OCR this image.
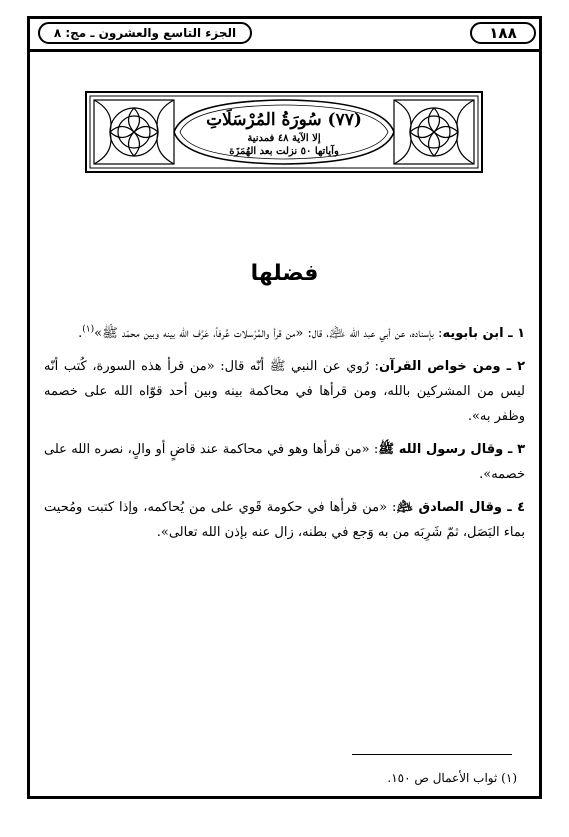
١٨٨
الجزء التاسع والعشرون ـ مج: ٨
(٧٧) سُورَةُ المُرْسَلَاتِ
إلا الآية ٤٨ فمدنية
وآياتها ٥٠ نزلت بعد الهُمَزَة
فضلها

١ ـ ابن بابويه: بإسناده، عن أبي عبد الله ﵇، قال: «من قرأ والمُرْسلات عُرفاً، عَرَّف الله بينه وبين محمّد ﷺ»$^{(١)}$.

٢ ـ ومن خواص القرآن: رُوي عن النبي ﷺ أنّه قال: «من قرأ هذه السورة، كُتب أنّه ليس من المشركين بالله، ومن قرأها في محاكمة بينه وبين أحد قوّاه الله على خصمه وظفر به».

٣ ـ وقال رسول الله ﷺ: «من قرأها وهو في محاكمة عند قاضٍ أو والٍ، نصره الله على خصمه».

٤ ـ وقال الصادق ﵇: «من قرأها في حكومة قَوي على من يُحاكمه، وإذا كتبت ومُحيت بماء البَصَل، ثمّ شَرِبَه من به وَجع في بطنه، زال عنه بإذن الله تعالى».

(١) ثواب الأعمال ص ١٥٠.
